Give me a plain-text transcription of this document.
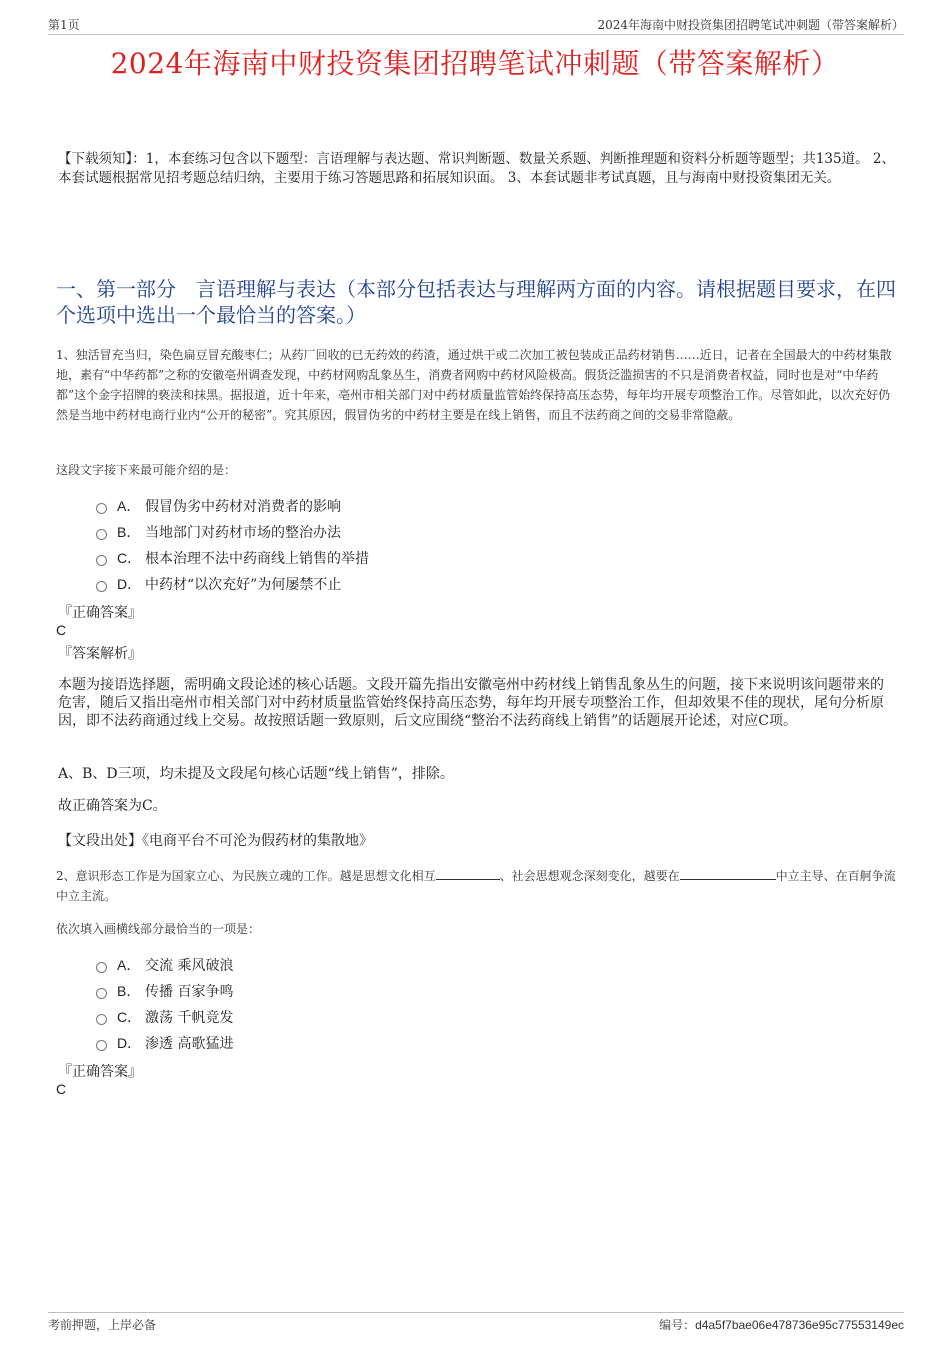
第1页	2024年海南中财投资集团招聘笔试冲刺题（带答案解析）
2024年海南中财投资集团招聘笔试冲刺题（带答案解析）
【下载须知】：1，本套练习包含以下题型：言语理解与表达题、常识判断题、数量关系题、判断推理题和资料分析题等题型；共135道。 2、本套试题根据常见招考题总结归纳，主要用于练习答题思路和拓展知识面。 3、本套试题非考试真题，且与海南中财投资集团无关。
一、第一部分　言语理解与表达（本部分包括表达与理解两方面的内容。请根据题目要求，在四个选项中选出一个最恰当的答案。）
1、独活冒充当归，染色扁豆冒充酸枣仁；从药厂回收的已无药效的药渣，通过烘干或二次加工被包装成正品药材销售……近日，记者在全国最大的中药材集散地，素有“中华药都”之称的安徽亳州调查发现，中药材网购乱象丛生，消费者网购中药材风险极高。假货泛滥损害的不只是消费者权益，同时也是对“中华药都”这个金字招牌的亵渎和抹黑。据报道，近十年来，亳州市相关部门对中药材质量监管始终保持高压态势，每年均开展专项整治工作。尽管如此，以次充好仍然是当地中药材电商行业内“公开的秘密”。究其原因，假冒伪劣的中药材主要是在线上销售，而且不法药商之间的交易非常隐蔽。
这段文字接下来最可能介绍的是：
A． 假冒伪劣中药材对消费者的影响
B． 当地部门对药材市场的整治办法
C． 根本治理不法中药商线上销售的举措
D． 中药材“以次充好”为何屡禁不止
『正确答案』
C
『答案解析』
本题为接语选择题，需明确文段论述的核心话题。文段开篇先指出安徽亳州中药材线上销售乱象丛生的问题，接下来说明该问题带来的危害，随后又指出亳州市相关部门对中药材质量监管始终保持高压态势，每年均开展专项整治工作，但却效果不佳的现状，尾句分析原因，即不法药商通过线上交易。故按照话题一致原则，后文应围绕“整治不法药商线上销售”的话题展开论述，对应C项。
A、B、D三项，均未提及文段尾句核心话题“线上销售”，排除。
故正确答案为C。
【文段出处】《电商平台不可沦为假药材的集散地》
2、意识形态工作是为国家立心、为民族立魂的工作。越是思想文化相互	、社会思想观念深刻变化，越要在	中立主导、在百舸争流中立主流。
依次填入画横线部分最恰当的一项是：
A． 交流 乘风破浪
B． 传播 百家争鸣
C． 激荡 千帆竞发
D． 渗透 高歌猛进
『正确答案』
C
考前押题，上岸必备	编号：d4a5f7bae06e478736e95c77553149ec
